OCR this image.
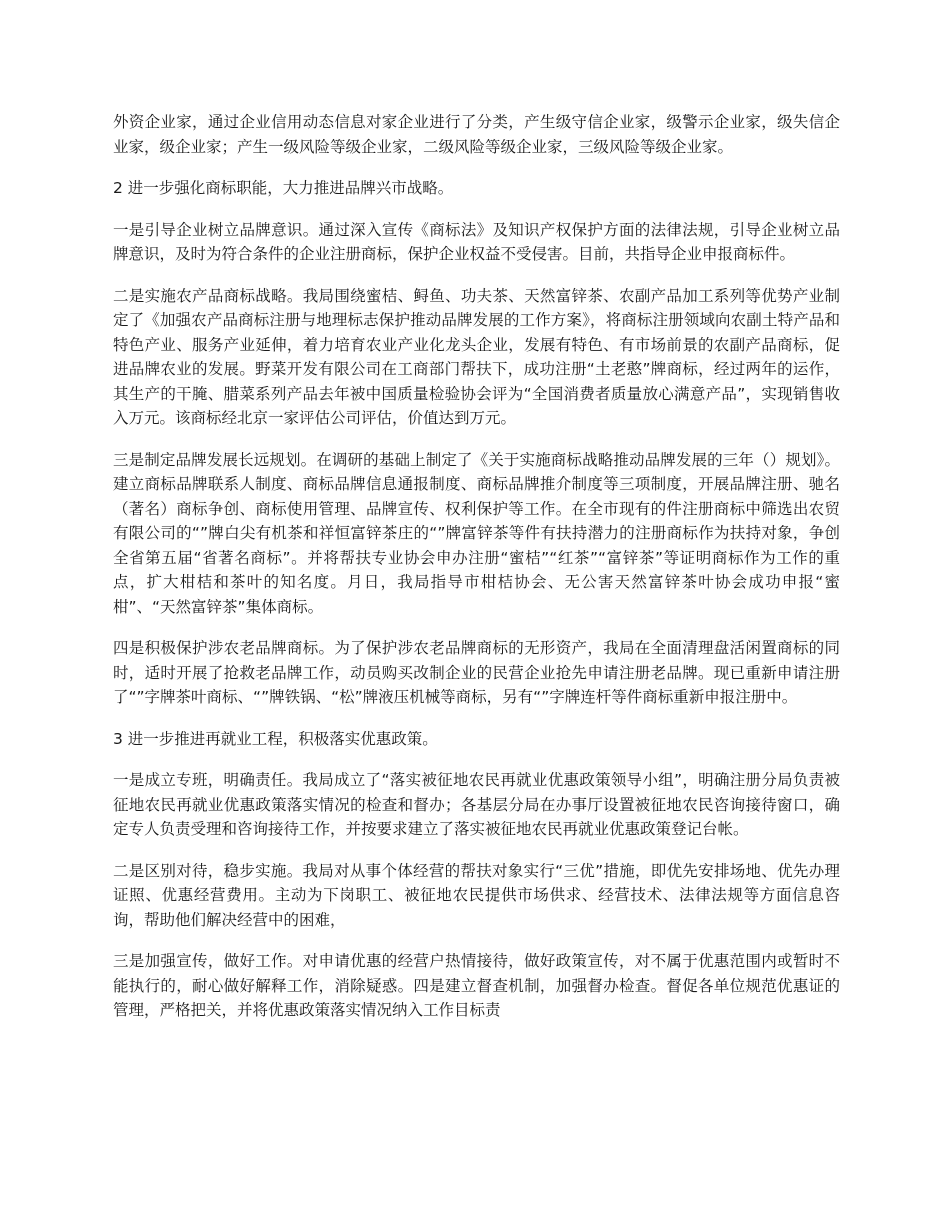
外资企业家，通过企业信用动态信息对家企业进行了分类，产生级守信企业家，级警示企业家，级失信企业家，级企业家；产生一级风险等级企业家，二级风险等级企业家，三级风险等级企业家。

2 进一步强化商标职能，大力推进品牌兴市战略。

一是引导企业树立品牌意识。通过深入宣传《商标法》及知识产权保护方面的法律法规，引导企业树立品牌意识，及时为符合条件的企业注册商标，保护企业权益不受侵害。目前，共指导企业申报商标件。

二是实施农产品商标战略。我局围绕蜜桔、鲟鱼、功夫茶、天然富锌茶、农副产品加工系列等优势产业制定了《加强农产品商标注册与地理标志保护推动品牌发展的工作方案》，将商标注册领域向农副土特产品和特色产业、服务产业延伸，着力培育农业产业化龙头企业，发展有特色、有市场前景的农副产品商标，促进品牌农业的发展。野菜开发有限公司在工商部门帮扶下，成功注册“土老憨”牌商标，经过两年的运作，其生产的干腌、腊菜系列产品去年被中国质量检验协会评为“全国消费者质量放心满意产品”，实现销售收入万元。该商标经北京一家评估公司评估，价值达到万元。

三是制定品牌发展长远规划。在调研的基础上制定了《关于实施商标战略推动品牌发展的三年（）规划》。建立商标品牌联系人制度、商标品牌信息通报制度、商标品牌推介制度等三项制度，开展品牌注册、驰名（著名）商标争创、商标使用管理、品牌宣传、权利保护等工作。在全市现有的件注册商标中筛选出农贸有限公司的“”牌白尖有机茶和祥恒富锌茶庄的“”牌富锌茶等件有扶持潜力的注册商标作为扶持对象，争创全省第五届“省著名商标”。并将帮扶专业协会申办注册“蜜桔”“红茶”“富锌茶”等证明商标作为工作的重点，扩大柑桔和茶叶的知名度。月日，我局指导市柑桔协会、无公害天然富锌茶叶协会成功申报“蜜柑”、“天然富锌茶”集体商标。

四是积极保护涉农老品牌商标。为了保护涉农老品牌商标的无形资产，我局在全面清理盘活闲置商标的同时，适时开展了抢救老品牌工作，动员购买改制企业的民营企业抢先申请注册老品牌。现已重新申请注册了“”字牌茶叶商标、“”牌铁锅、“松”牌液压机械等商标，另有“”字牌连杆等件商标重新申报注册中。

3 进一步推进再就业工程，积极落实优惠政策。

一是成立专班，明确责任。我局成立了“落实被征地农民再就业优惠政策领导小组”，明确注册分局负责被征地农民再就业优惠政策落实情况的检查和督办；各基层分局在办事厅设置被征地农民咨询接待窗口，确定专人负责受理和咨询接待工作，并按要求建立了落实被征地农民再就业优惠政策登记台帐。

二是区别对待，稳步实施。我局对从事个体经营的帮扶对象实行“三优”措施，即优先安排场地、优先办理证照、优惠经营费用。主动为下岗职工、被征地农民提供市场供求、经营技术、法律法规等方面信息咨询，帮助他们解决经营中的困难，

三是加强宣传，做好工作。对申请优惠的经营户热情接待，做好政策宣传，对不属于优惠范围内或暂时不能执行的，耐心做好解释工作，消除疑惑。四是建立督查机制，加强督办检查。督促各单位规范优惠证的管理，严格把关，并将优惠政策落实情况纳入工作目标责
